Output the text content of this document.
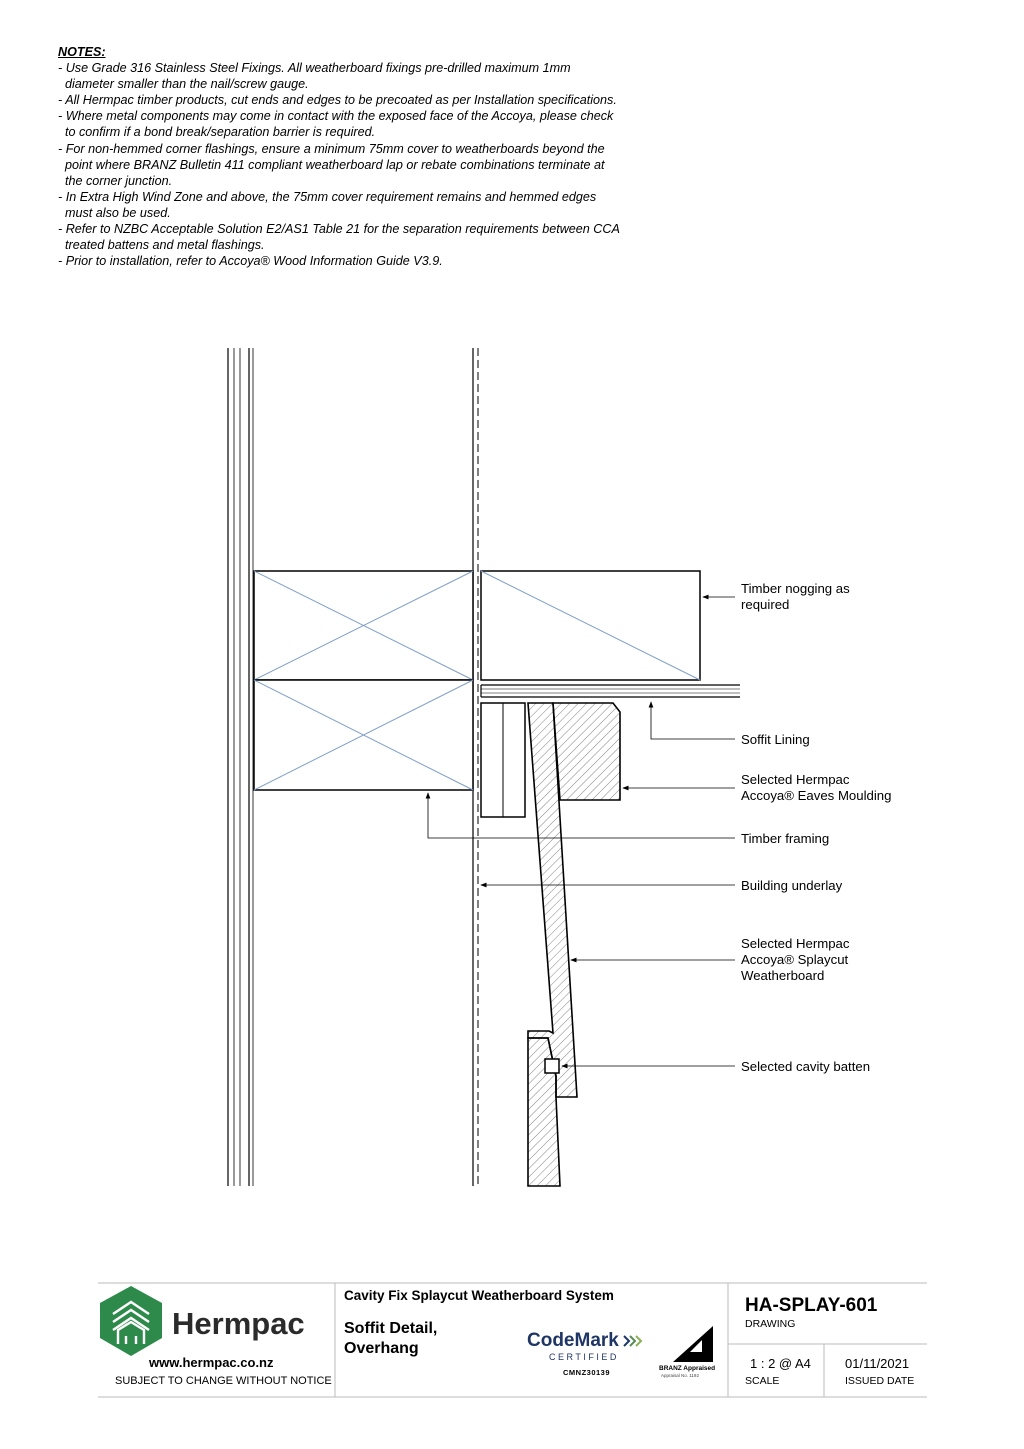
NOTES:
- Use Grade 316 Stainless Steel Fixings. All weatherboard fixings pre-drilled maximum 1mm
diameter smaller than the nail/screw gauge.
- All Hermpac timber products, cut ends and edges to be precoated as per Installation specifications.
- Where metal components may come in contact with the exposed face of the Accoya, please check
to confirm if a bond break/separation barrier is required.
- For non-hemmed corner flashings, ensure a minimum 75mm cover to weatherboards beyond the
point where BRANZ Bulletin 411 compliant weatherboard lap or rebate combinations terminate at
the corner junction.
- In Extra High Wind Zone and above, the 75mm cover requirement remains and hemmed edges
must also be used.
- Refer to NZBC Acceptable Solution E2/AS1 Table 21 for the separation requirements between CCA
treated battens and metal flashings.
- Prior to installation, refer to Accoya® Wood Information Guide V3.9.
Timber nogging as required
Soffit Lining
Selected Hermpac Accoya® Eaves Moulding
Timber framing
Building underlay
Selected Hermpac Accoya® Splaycut Weatherboard
Selected cavity batten
Hermpac
www.hermpac.co.nz
SUBJECT TO CHANGE WITHOUT NOTICE
Cavity Fix Splaycut Weatherboard System
Soffit Detail,
Overhang	CodeMark
CERTIFIED
CMNZ30139	BRANZ Appraised
Appraisal No. 1192
HA-SPLAY-601
DRAWING
1 : 2 @ A4
SCALE
01/11/2021
ISSUED DATE
